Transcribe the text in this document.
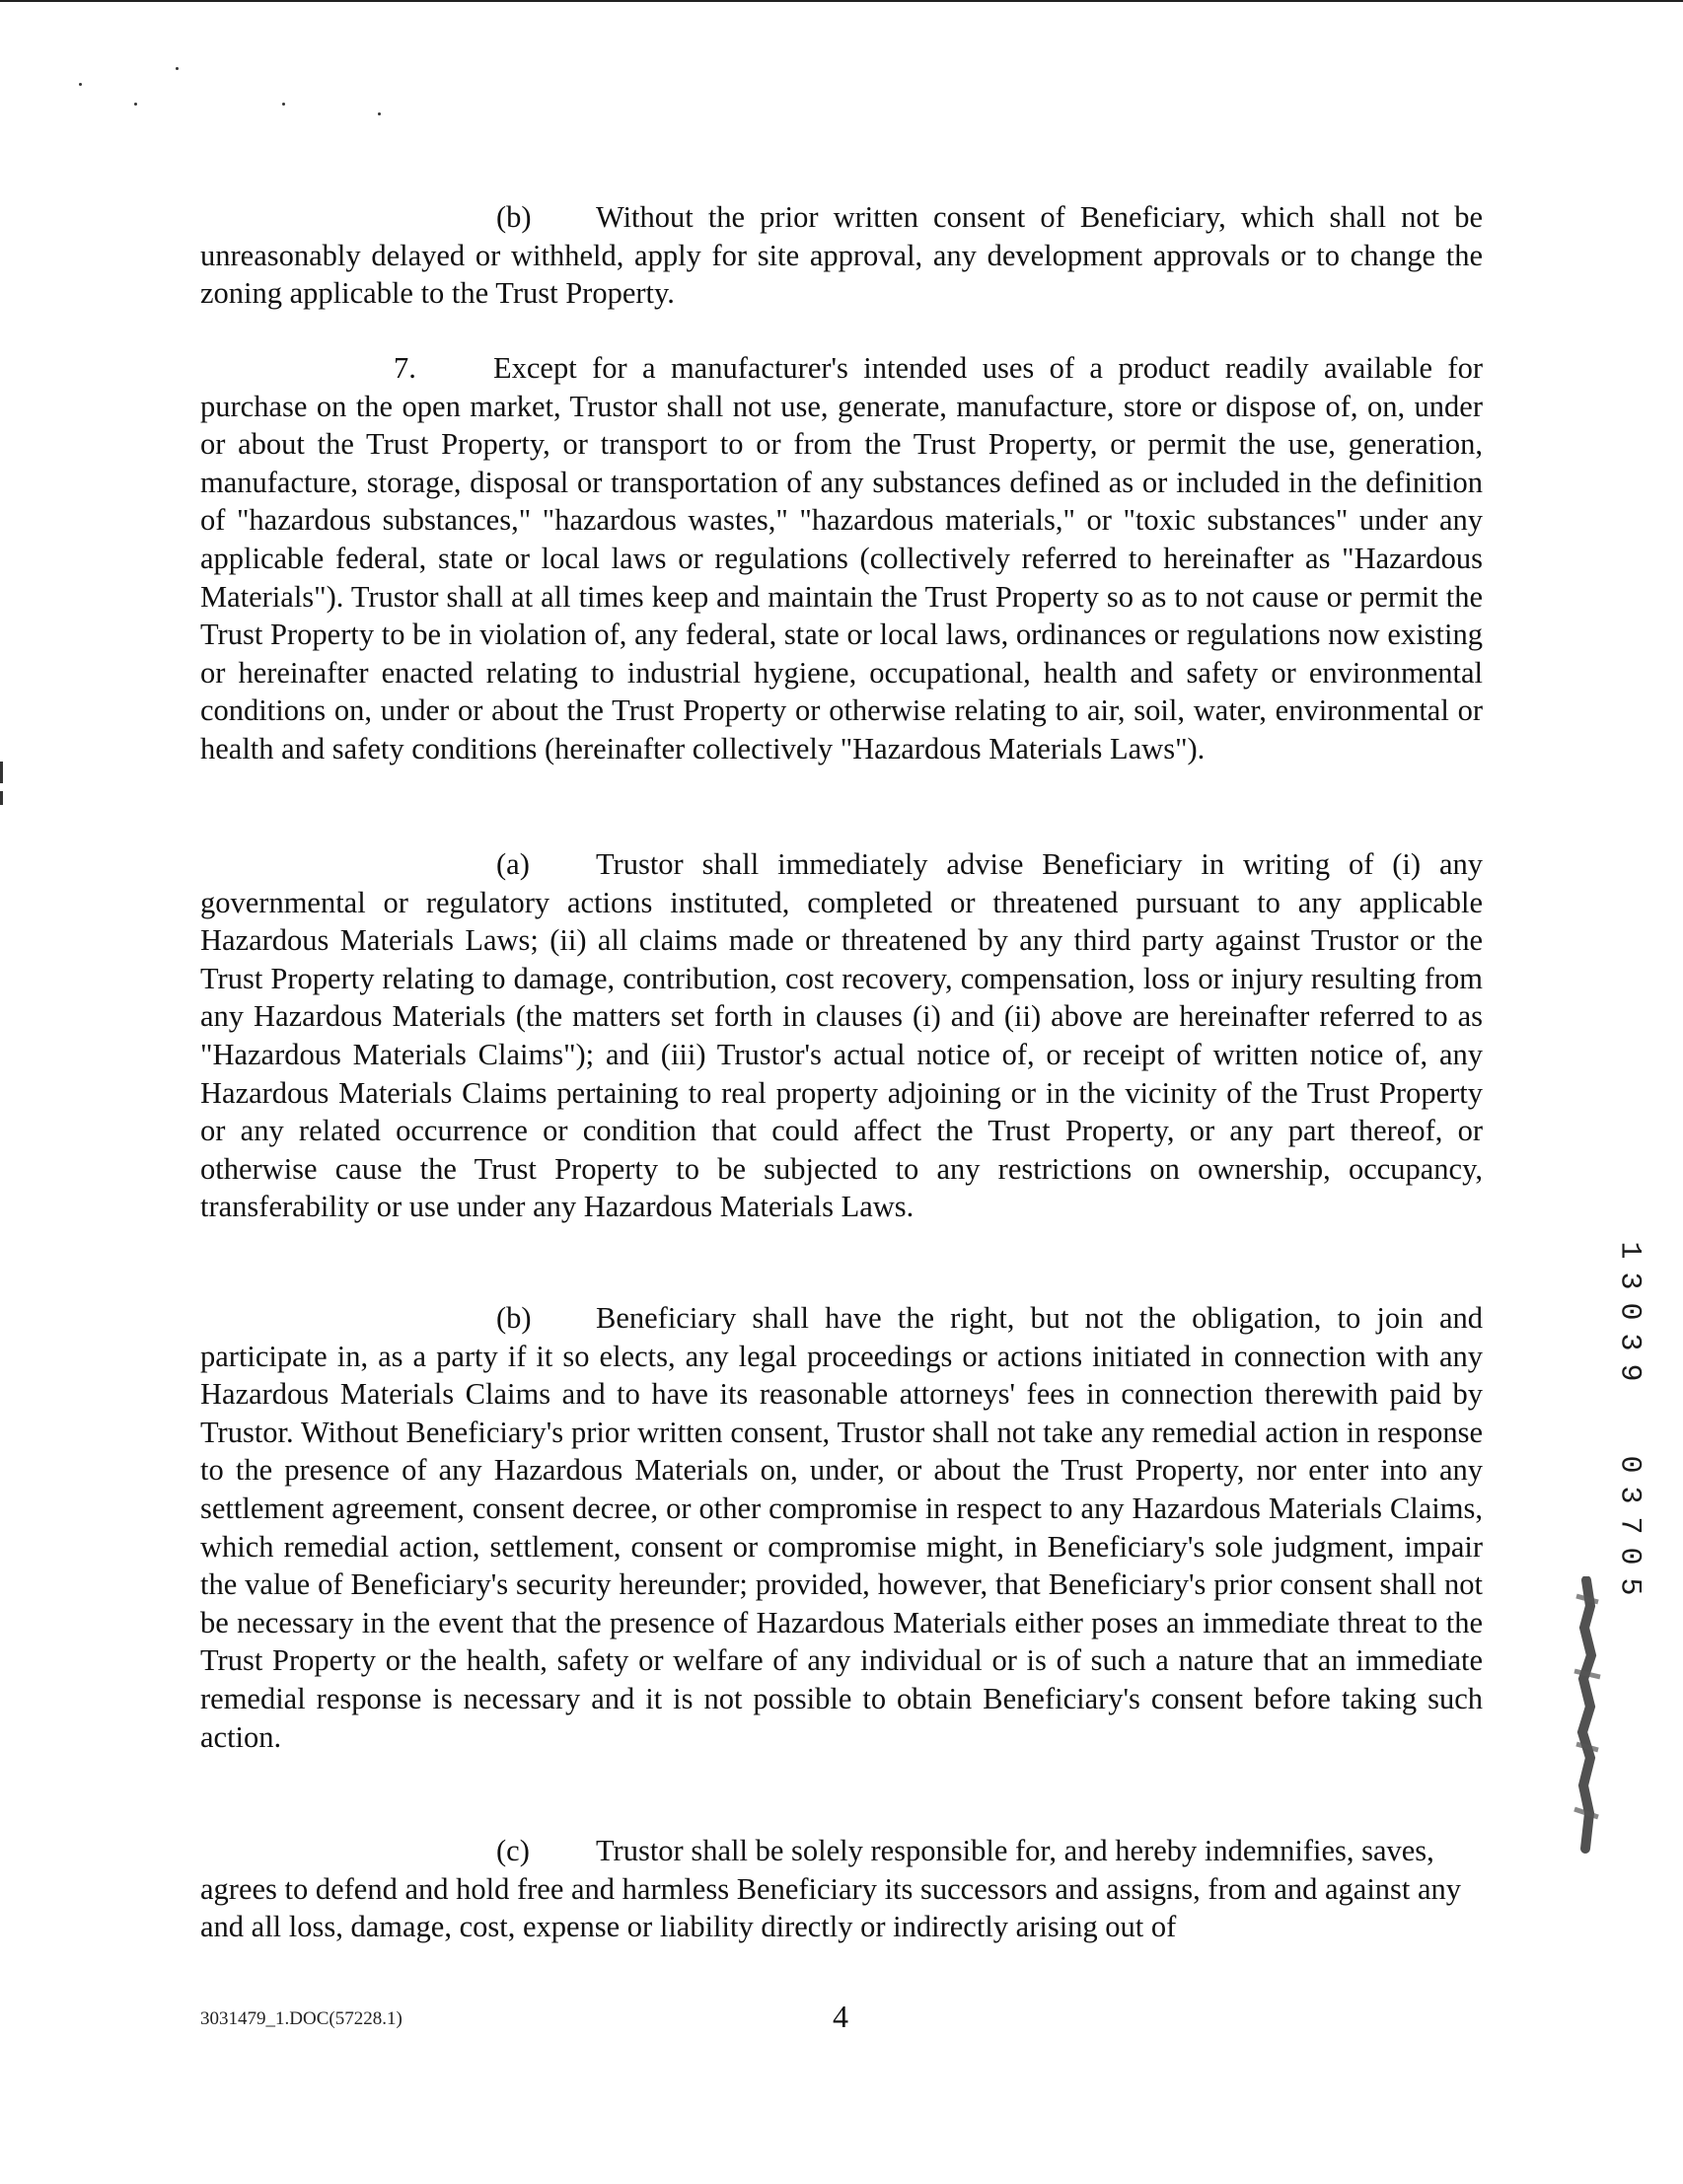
(b) Without the prior written consent of Beneficiary, which shall not be unreasonably delayed or withheld, apply for site approval, any development approvals or to change the zoning applicable to the Trust Property.

7.	Except for a manufacturer's intended uses of a product readily available for purchase on the open market, Trustor shall not use, generate, manufacture, store or dispose of, on, under or about the Trust Property, or transport to or from the Trust Property, or permit the use, generation, manufacture, storage, disposal or transportation of any substances defined as or included in the definition of "hazardous substances," "hazardous wastes," "hazardous materials," or "toxic substances" under any applicable federal, state or local laws or regulations (collectively referred to hereinafter as "Hazardous Materials"). Trustor shall at all times keep and maintain the Trust Property so as to not cause or permit the Trust Property to be in violation of, any federal, state or local laws, ordinances or regulations now existing or hereinafter enacted relating to industrial hygiene, occupational, health and safety or environmental conditions on, under or about the Trust Property or otherwise relating to air, soil, water, environmental or health and safety conditions (hereinafter collectively "Hazardous Materials Laws").

(a) Trustor shall immediately advise Beneficiary in writing of (i) any governmental or regulatory actions instituted, completed or threatened pursuant to any applicable Hazardous Materials Laws; (ii) all claims made or threatened by any third party against Trustor or the Trust Property relating to damage, contribution, cost recovery, compensation, loss or injury resulting from any Hazardous Materials (the matters set forth in clauses (i) and (ii) above are hereinafter referred to as "Hazardous Materials Claims"); and (iii) Trustor's actual notice of, or receipt of written notice of, any Hazardous Materials Claims pertaining to real property adjoining or in the vicinity of the Trust Property or any related occurrence or condition that could affect the Trust Property, or any part thereof, or otherwise cause the Trust Property to be subjected to any restrictions on ownership, occupancy, transferability or use under any Hazardous Materials Laws.

(b) Beneficiary shall have the right, but not the obligation, to join and participate in, as a party if it so elects, any legal proceedings or actions initiated in connection with any Hazardous Materials Claims and to have its reasonable attorneys' fees in connection therewith paid by Trustor. Without Beneficiary's prior written consent, Trustor shall not take any remedial action in response to the presence of any Hazardous Materials on, under, or about the Trust Property, nor enter into any settlement agreement, consent decree, or other compromise in respect to any Hazardous Materials Claims, which remedial action, settlement, consent or compromise might, in Beneficiary's sole judgment, impair the value of Beneficiary's security hereunder; provided, however, that Beneficiary's prior consent shall not be necessary in the event that the presence of Hazardous Materials either poses an immediate threat to the Trust Property or the health, safety or welfare of any individual or is of such a nature that an immediate remedial response is necessary and it is not possible to obtain Beneficiary's consent before taking such action.

(c) Trustor shall be solely responsible for, and hereby indemnifies, saves, agrees to defend and hold free and harmless Beneficiary its successors and assigns, from and against any and all loss, damage, cost, expense or liability directly or indirectly arising out of

1
3
0
3
9
0
3
7
0
5
3031479_1.DOC(57228.1)	4
